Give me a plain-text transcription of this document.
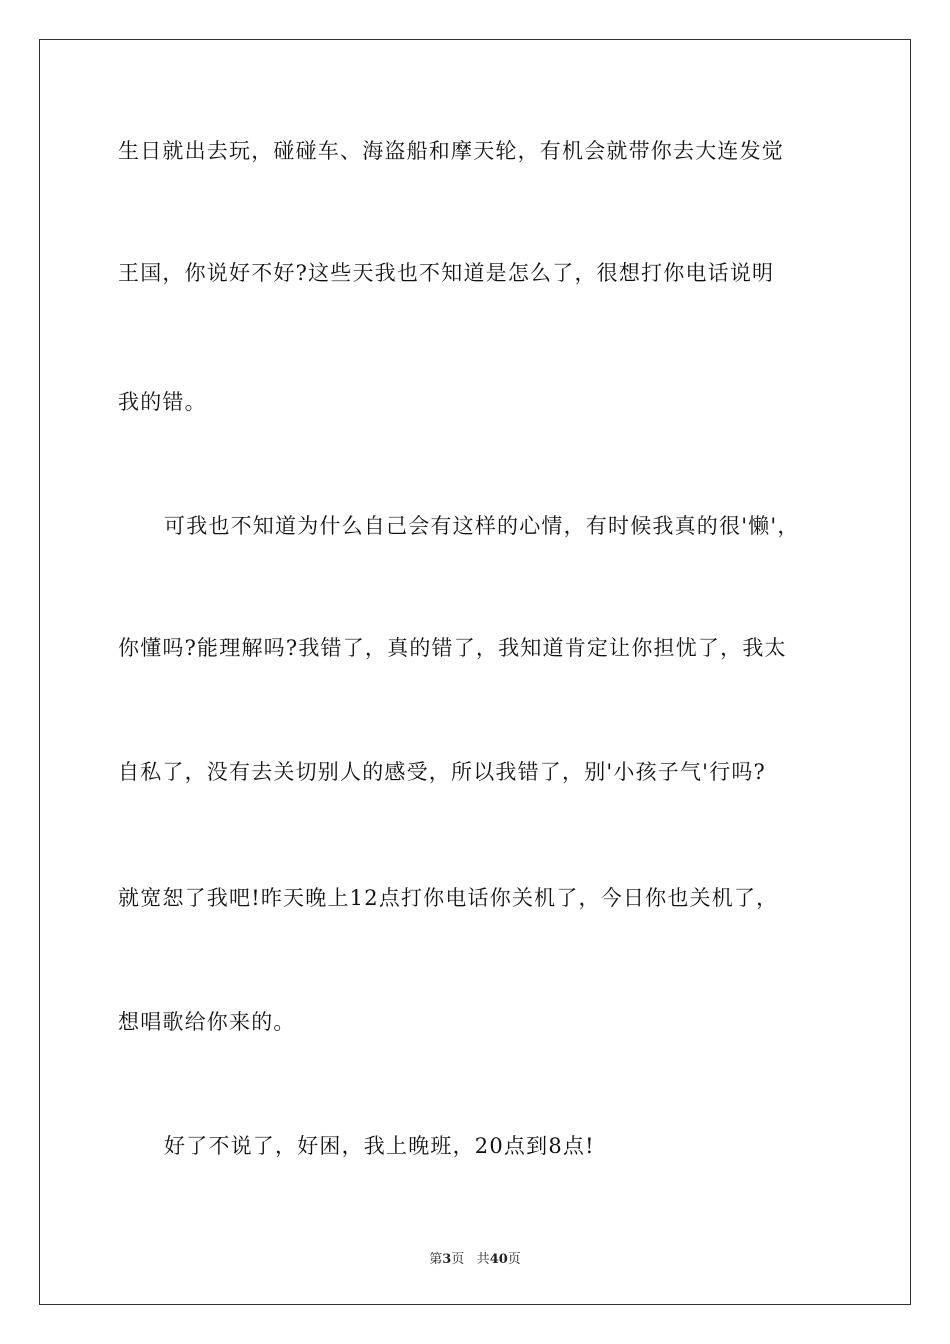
生日就出去玩，碰碰车、海盗船和摩天轮，有机会就带你去大连发觉
王国，你说好不好?这些天我也不知道是怎么了，很想打你电话说明
我的错。
可我也不知道为什么自己会有这样的心情，有时候我真的很'懒'，
你懂吗?能理解吗?我错了，真的错了，我知道肯定让你担忧了，我太
自私了，没有去关切别人的感受，所以我错了，别'小孩子气'行吗?
就宽恕了我吧!昨天晚上12点打你电话你关机了，今日你也关机了，
想唱歌给你来的。
好了不说了，好困，我上晚班，20点到8点!
第3页 共40页
